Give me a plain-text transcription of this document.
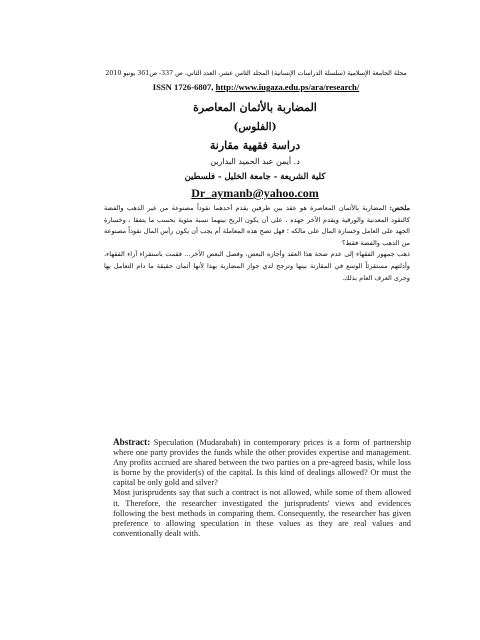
مجلة الجامعة الإسلامية (سلسلة الدراسات الإنسانية) المجلد الثامن عشر، العدد الثاني، ص 337- ص361 يونيو 2010
ISSN 1726-6807, http://www.iugaza.edu.ps/ara/research/
المضاربة بالأثمان المعاصرة
(الفلوس)
دراسة فقهية مقارنة
د. أيمن عبد الحميد البدارين
كلية الشريعة - جامعة الخليل - فلسطين
Dr_aymanb@yahoo.com

ملخص: المضاربة بالأثمان المعاصرة هو عقد بين طرفين يقدم أحدهما نقوداً مصنوعة من غير الذهب والفضة كالنقود المعدنية والورقية ويقدم الآخر جهده ، على أن يكون الربح بينهما نسبة مئوية بحسب ما يتفقا ، وخسارة الجهد على العامل وخسارة المال على مالكه ؛ فهل تصح هذه المعاملة أم يجب أن يكون رأس المال نقوداً مصنوعة من الذهب والفضة فقط؟

ذهب جمهور الفقهاء إلى عدم صحة هذا العقد وأجازه البعض، وفصل البعض الآخر... فقمت باستقراء آراء الفقهاء، وأدلتهم مستقرئاً الوسع في المقارنة بينها وترجح لدي جواز المضاربة بهذا لأنها أثمان حقيقة ما دام التعامل بها وجرى العرف العام بذلك.

Abstract: Speculation (Mudarabah) in contemporary prices is a form of partnership where one party provides the funds while the other provides expertise and management. Any profits accrued are shared between the two parties on a pre-agreed basis, while loss is borne by the provider(s) of the capital. Is this kind of dealings allowed? Or must the capital be only gold and silver?

Most jurisprudents say that such a contract is not allowed, while some of them allowed it. Therefore, the researcher investigated the jurisprudents' views and evidences following the best methods in comparing them. Consequently, the researcher has given preference to allowing speculation in these values as they are real values and conventionally dealt with.
